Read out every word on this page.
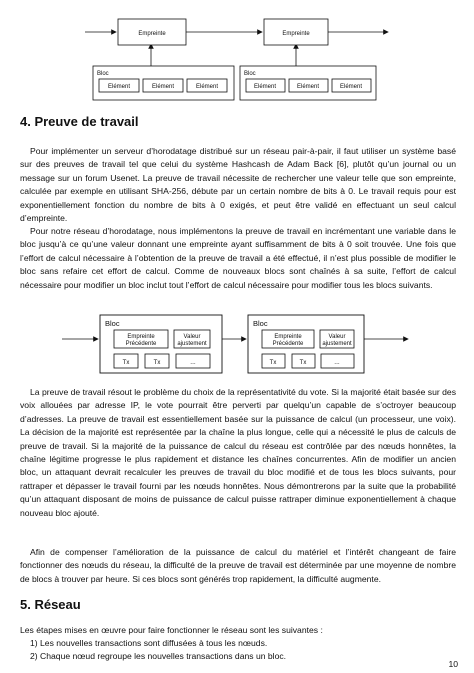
Empreinte	Empreinte
Bloc
Elément	Elément	Elément
Bloc
Elément	Elément	Elément
4. Preuve de travail

Pour implémenter un serveur d’horodatage distribué sur un réseau pair-à-pair, il faut utiliser un système basé sur des preuves de travail tel que celui du système Hashcash de Adam Back [6], plutôt qu’un journal ou un message sur un forum Usenet. La preuve de travail nécessite de rechercher une valeur telle que son empreinte, calculée par exemple en utilisant SHA-256, débute par un certain nombre de bits à 0. Le travail requis pour est exponentiellement fonction du nombre de bits à 0 exigés, et peut être validé en effectuant un seul calcul d’empreinte.

Pour notre réseau d’horodatage, nous implémentons la preuve de travail en incrémentant une variable dans le bloc jusqu’à ce qu’une valeur donnant une empreinte ayant suffisamment de bits à 0 soit trouvée. Une fois que l’effort de calcul nécessaire à l’obtention de la preuve de travail a été effectué, il n’est plus possible de modifier le bloc sans refaire cet effort de calcul. Comme de nouveaux blocs sont chaînés à sa suite, l’effort de calcul nécessaire pour modifier un bloc inclut tout l’effort de calcul nécessaire pour modifier tous les blocs suivants.

Bloc
Empreinte
Précédente
Valeur
ajustement
Tx	Tx	...
Bloc
Empreinte
Précédente
Valeur
ajustement
Tx	Tx	...

La preuve de travail résout le problème du choix de la représentativité du vote. Si la majorité était basée sur des voix allouées par adresse IP, le vote pourrait être perverti par quelqu’un capable de s’octroyer beaucoup d’adresses. La preuve de travail est essentiellement basée sur la puissance de calcul (un processeur, une voix). La décision de la majorité est représentée par la chaîne la plus longue, celle qui a nécessité le plus de calculs de preuve de travail. Si la majorité de la puissance de calcul du réseau est contrôlée par des nœuds honnêtes, la chaîne légitime progresse le plus rapidement et distance les chaînes concurrentes. Afin de modifier un ancien bloc, un attaquant devrait recalculer les preuves de travail du bloc modifié et de tous les blocs suivants, pour rattraper et dépasser le travail fourni par les nœuds honnêtes. Nous démontrerons par la suite que la probabilité qu’un attaquant disposant de moins de puissance de calcul puisse rattraper diminue exponentiellement à chaque nouveau bloc ajouté.

Afin de compenser l’amélioration de la puissance de calcul du matériel et l’intérêt changeant de faire fonctionner des nœuds du réseau, la difficulté de la preuve de travail est déterminée par une moyenne de nombre de blocs à trouver par heure. Si ces blocs sont générés trop rapidement, la difficulté augmente.

5. Réseau

Les étapes mises en œuvre pour faire fonctionner le réseau sont les suivantes :

1) Les nouvelles transactions sont diffusées à tous les nœuds.

2) Chaque nœud regroupe les nouvelles transactions dans un bloc.

10
